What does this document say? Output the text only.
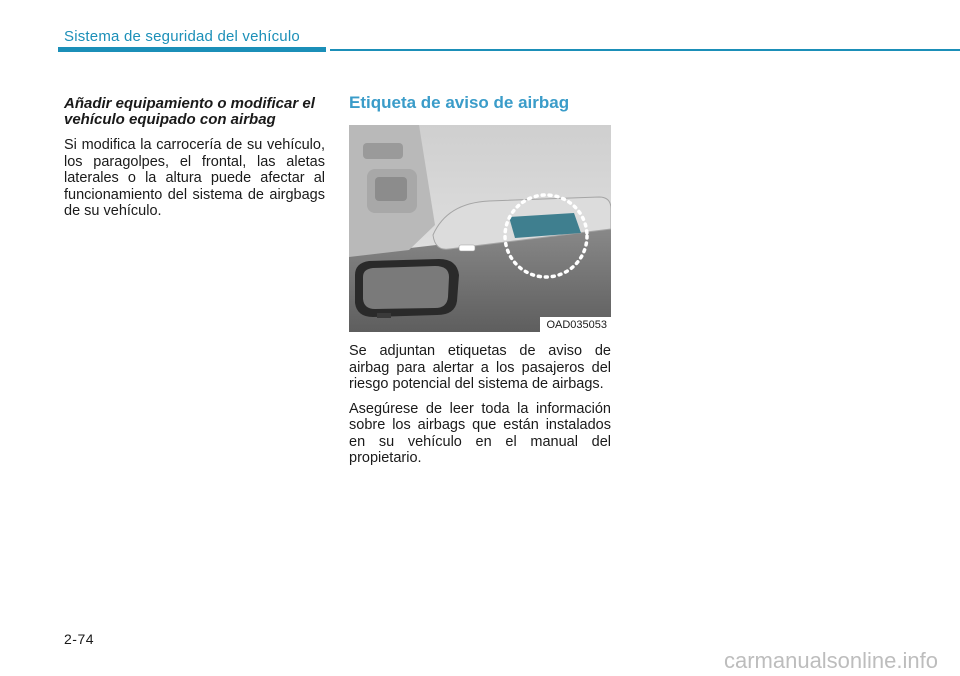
Sistema de seguridad del vehículo
Añadir equipamiento o modificar el vehículo equipado con airbag

Si modifica la carrocería de su vehículo, los paragolpes, el frontal, las aletas laterales o la altura puede afectar al funcionamiento del sistema de airgbags de su vehículo.

Etiqueta de aviso de airbag
OAD035053

Se adjuntan etiquetas de aviso de airbag para alertar a los pasajeros del riesgo potencial del sistema de airbags.

Asegúrese de leer toda la información sobre los airbags que están instalados en su vehículo en el manual del propietario.

2-74
carmanualsonline.info
